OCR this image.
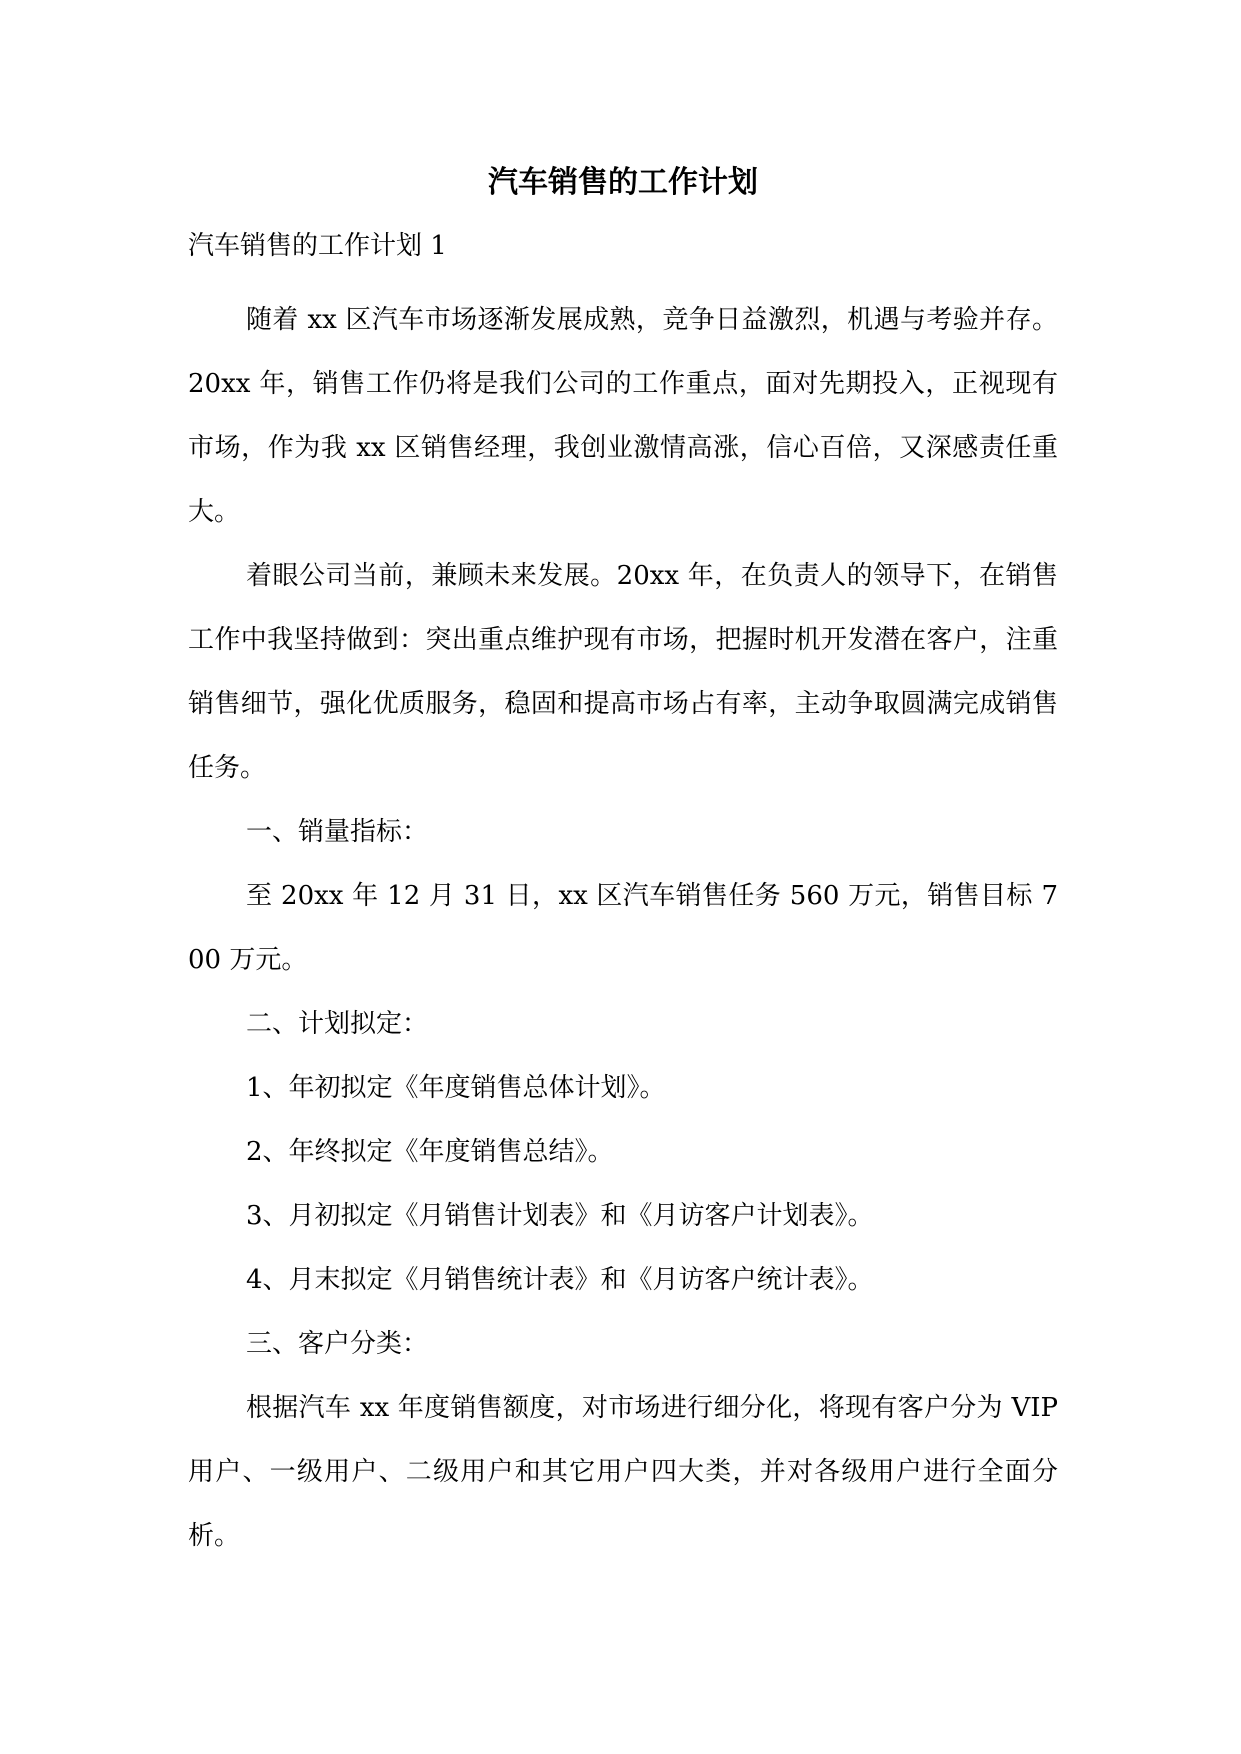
汽车销售的工作计划

汽车销售的工作计划 1

随着 xx 区汽车市场逐渐发展成熟，竞争日益激烈，机遇与考验并存。20xx 年，销售工作仍将是我们公司的工作重点，面对先期投入，正视现有市场，作为我 xx 区销售经理，我创业激情高涨，信心百倍，又深感责任重大。

着眼公司当前，兼顾未来发展。20xx 年，在负责人的领导下，在销售工作中我坚持做到：突出重点维护现有市场，把握时机开发潜在客户，注重销售细节，强化优质服务，稳固和提高市场占有率，主动争取圆满完成销售任务。

一、销量指标：

至 20xx 年 12 月 31 日，xx 区汽车销售任务 560 万元，销售目标 700 万元。

二、计划拟定：

1、年初拟定《年度销售总体计划》。

2、年终拟定《年度销售总结》。

3、月初拟定《月销售计划表》和《月访客户计划表》。

4、月末拟定《月销售统计表》和《月访客户统计表》。

三、客户分类：

根据汽车 xx 年度销售额度，对市场进行细分化，将现有客户分为 VIP 用户、一级用户、二级用户和其它用户四大类，并对各级用户进行全面分析。
